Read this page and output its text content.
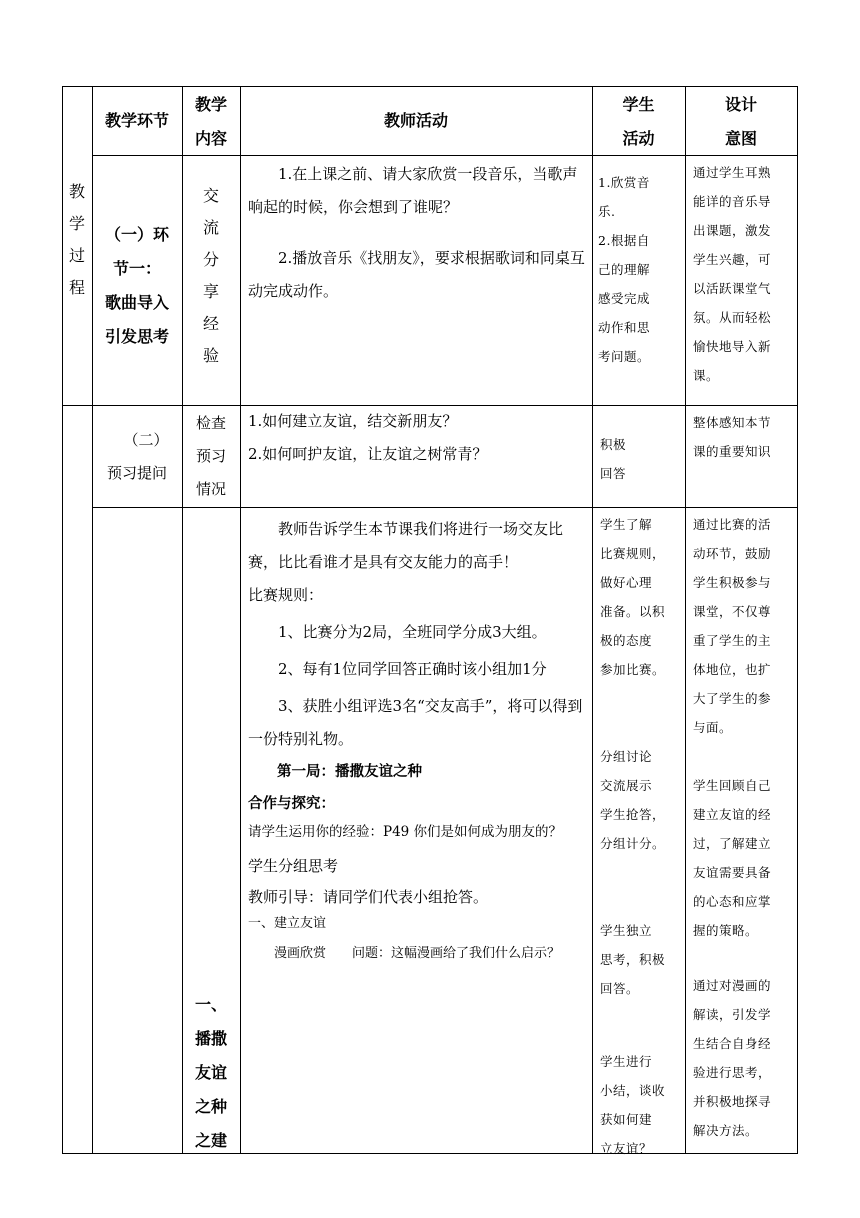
教学环节
教学
内容
教师活动
学生
活动
设计
意图
教
学
过
程
（一）环
节一：
歌曲导入
引发思考
交
流
分
享
经
验

1.在上课之前、请大家欣赏一段音乐，当歌声响起的时候，你会想到了谁呢？

2.播放音乐《找朋友》，要求根据歌词和同桌互动完成动作。

1.欣赏音
乐.
2.根据自
己的理解
感受完成
动作和思
考问题。
通过学生耳熟
能详的音乐导
出课题，激发
学生兴趣，可
以活跃课堂气
氛。从而轻松
愉快地导入新
课。
（二）
预习提问
检查
预习
情况
1.如何建立友谊，结交新朋友？
2.如何呵护友谊，让友谊之树常青？
积极
回答
整体感知本节
课的重要知识
一、
播撒
友谊
之种
之建

教师告诉学生本节课我们将进行一场交友比赛，比比看谁才是具有交友能力的高手！

比赛规则：

1、比赛分为2局，全班同学分成3大组。

2、每有1位同学回答正确时该小组加1分

3、获胜小组评选3名“交友高手”，将可以得到一份特别礼物。

第一局：播撒友谊之种

合作与探究：

请学生运用你的经验：P49 你们是如何成为朋友的？

学生分组思考

教师引导：请同学们代表小组抢答。

一、建立友谊

漫画欣赏　　问题：这幅漫画给了我们什么启示？

学生了解
比赛规则，
做好心理
准备。以积
极的态度
参加比赛。
分组讨论
交流展示
学生抢答，
分组计分。
学生独立
思考，积极
回答。
学生进行
小结，谈收
获如何建
立友谊？
通过比赛的活
动环节，鼓励
学生积极参与
课堂，不仅尊
重了学生的主
体地位，也扩
大了学生的参
与面。
学生回顾自己
建立友谊的经
过，了解建立
友谊需要具备
的心态和应掌
握的策略。
通过对漫画的
解读，引发学
生结合自身经
验进行思考，
并积极地探寻
解决方法。
